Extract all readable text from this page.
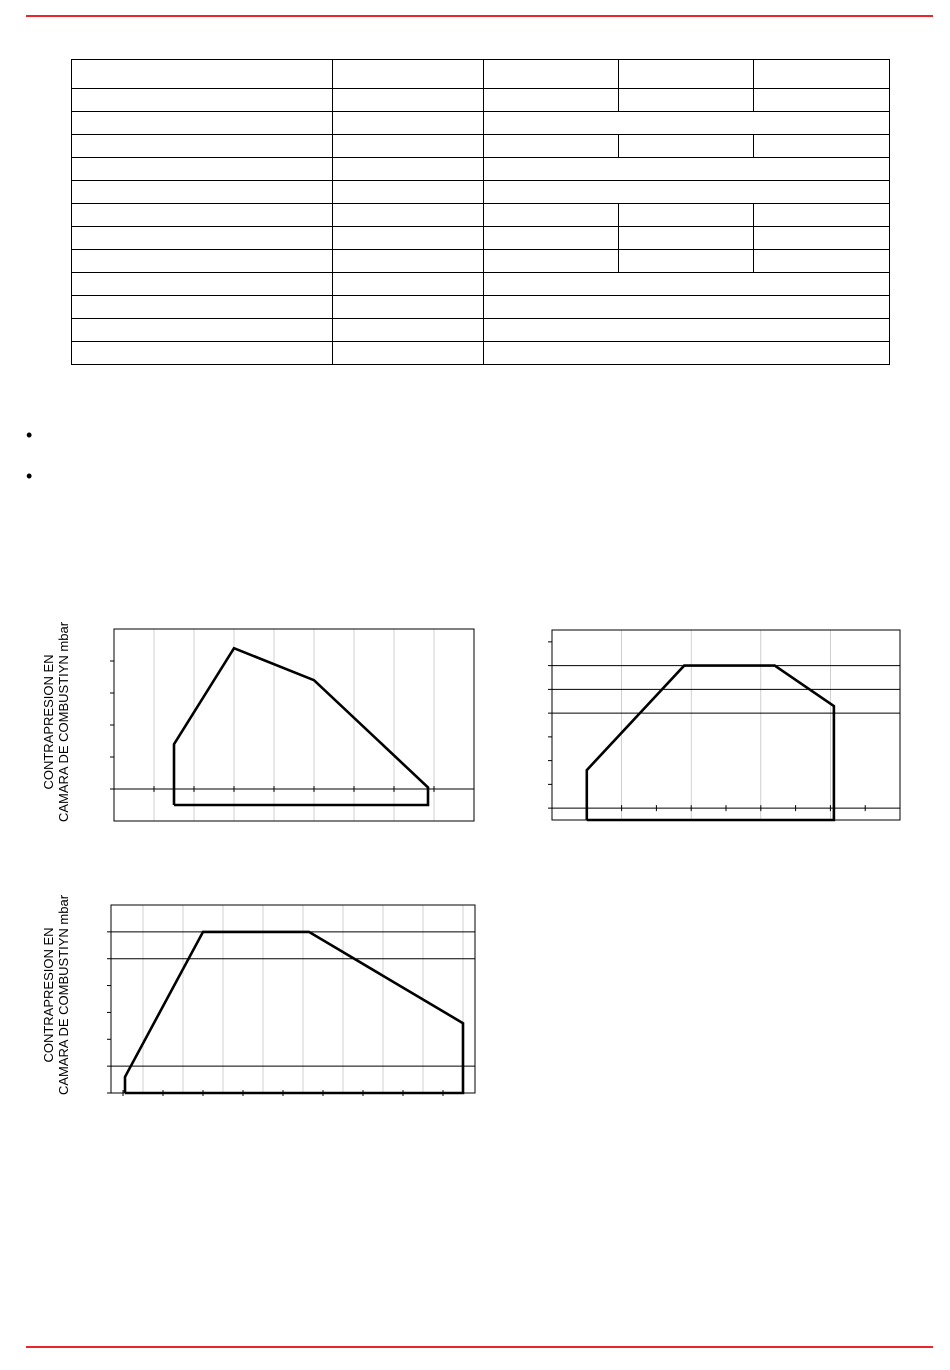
•
•
CONTRAPRESION EN
CAMARA DE COMBUSTIYN mbar
CONTRAPRESION EN
CAMARA DE COMBUSTIYN mbar
